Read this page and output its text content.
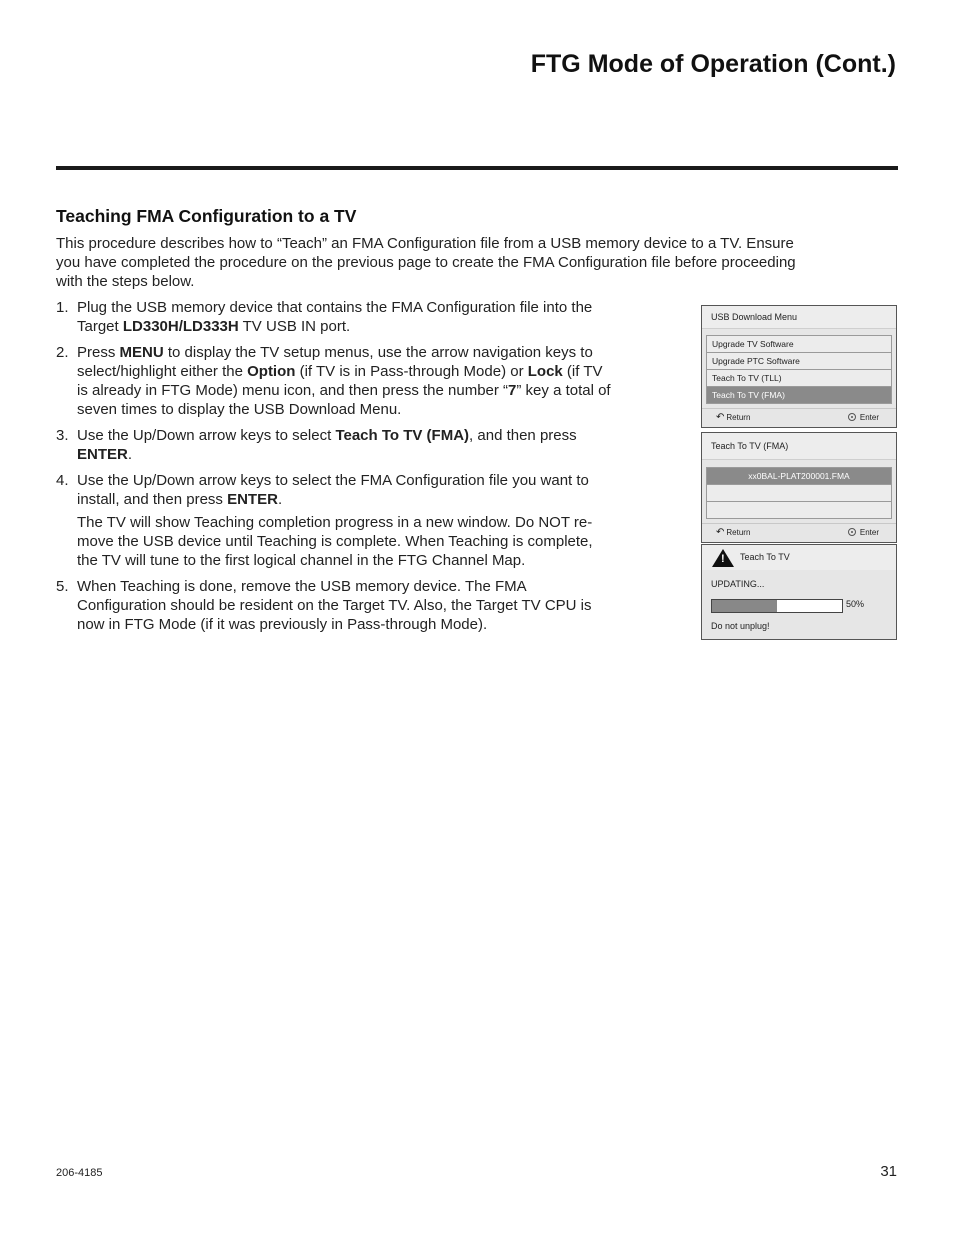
FTG Mode of Operation (Cont.)
Teaching FMA Configuration to a TV

This procedure describes how to “Teach” an FMA Configuration file from a USB memory device to a TV. Ensure you have completed the procedure on the previous page to create the FMA Configuration file before proceeding with the steps below.

1. Plug the USB memory device that contains the FMA Configuration file into the Target LD330H/LD333H TV USB IN port.
2. Press MENU to display the TV setup menus, use the arrow navigation keys to select/highlight either the Option (if TV is in Pass-through Mode) or Lock (if TV is already in FTG Mode) menu icon, and then press the number “7” key a total of seven times to display the USB Download Menu.
3. Use the Up/Down arrow keys to select Teach To TV (FMA), and then press ENTER.
4. Use the Up/Down arrow keys to select the FMA Configuration file you want to install, and then press ENTER.

The TV will show Teaching completion progress in a new window. Do NOT re-move the USB device until Teaching is complete. When Teaching is complete, the TV will tune to the first logical channel in the FTG Channel Map.

5. When Teaching is done, remove the USB memory device. The FMA Configuration should be resident on the Target TV. Also, the Target TV CPU is now in FTG Mode (if it was previously in Pass-through Mode).
USB Download Menu
Upgrade TV Software
Upgrade PTC Software
Teach To TV (TLL)
Teach To TV (FMA)
↶ Return	Enter
Teach To TV (FMA)
xx0BAL-PLAT200001.FMA
↶ Return	Enter
! Teach To TV
UPDATING...
50%
Do not unplug!
206-4185	31
